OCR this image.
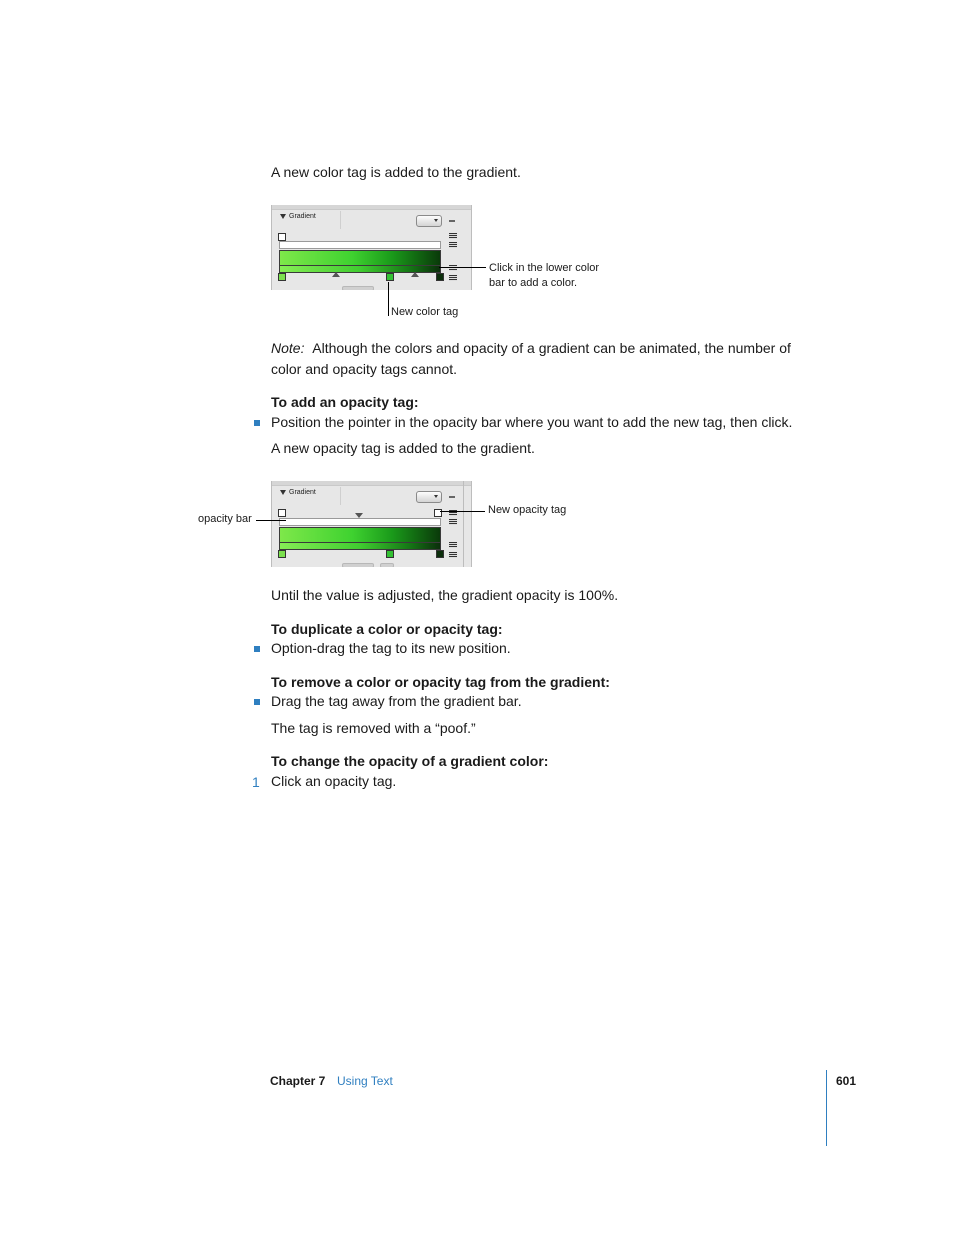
A new color tag is added to the gradient.
Gradient
Click in the lower color
bar to add a color.
New color tag
Note: Although the colors and opacity of a gradient can be animated, the number of
color and opacity tags cannot.
To add an opacity tag:
Position the pointer in the opacity bar where you want to add the new tag, then click.
A new opacity tag is added to the gradient.
Gradient
opacity bar
New opacity tag
Until the value is adjusted, the gradient opacity is 100%.
To duplicate a color or opacity tag:
Option-drag the tag to its new position.
To remove a color or opacity tag from the gradient:
Drag the tag away from the gradient bar.
The tag is removed with a “poof.”
To change the opacity of a gradient color:
1 Click an opacity tag.
Chapter 7 Using Text	601
